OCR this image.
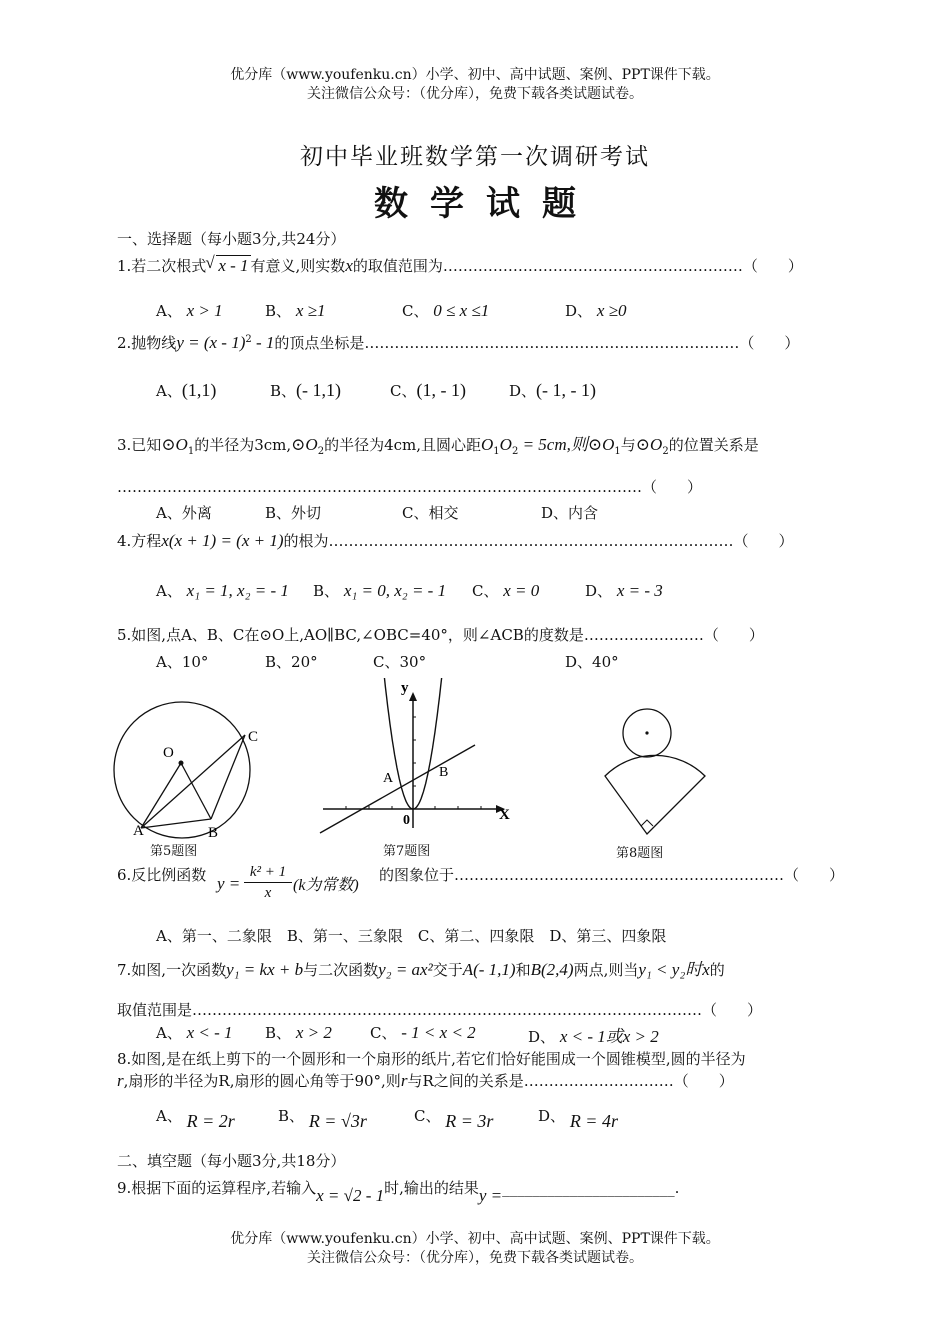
优分库（www.youfenku.cn）小学、初中、高中试题、案例、PPT课件下载。
关注微信公众号：（优分库），免费下载各类试题试卷。
初中毕业班数学第一次调研考试
数学试题
一、选择题（每小题3分,共24分）
1.若二次根式 √ x - 1 有意义,则实数x的取值范围为……………………………………………………（　　）
A、 x > 1	B、 x ≥1	C、 0 ≤ x ≤1	D、 x ≥0
2.抛物线y = (x - 1)$^2$ - 1的顶点坐标是…………………………………………………………………（　　）
A、(1,1)	B、(- 1,1)	C、(1, - 1)	D、(- 1, - 1)
3.已知$⊙O_1$的半径为$3cm,⊙O_2$的半径为4cm,且圆心距$O_1O_2 = 5cm$,则$⊙O_1$与$⊙O_2$的位置关系是
……………………………………………………………………………………………（　　）
A、外离	B、外切	C、相交	D、内含
4.方程x(x + 1) = (x + 1)的根为………………………………………………………………………（　　）
A、 x₁ = 1, x₂ = - 1 B、 x₁ = 0, x₂ = - 1 C、 x = 0	D、 x = - 3
5.如图,点A、B、C在⊙O上,AO∥BC,∠OBC=40°，则∠ACB的度数是……………………（　　）
A、10°	B、20°	C、30°	D、40°
O
A	B
C
第5题图
y
X
0
A	B
第7题图	第8题图
6.反比例函数 $y = \frac{\text{k² + 1}}{x} (k$为常数)
的图象位于…………………………………………………………（　　）
A、第一、二象限　B、第一、三象限　C、第二、四象限　D、第三、四象限
7.如图,一次函数y₁ = kx + b与二次函数y₂ = ax²交于A(- 1,1)和B(2,4)两点,则当y₁ < y₂时x的
取值范围是…………………………………………………………………………………………（　　）
A、 x < - 1 B、 x > 2	C、 - 1 < x < 2	D、 x < - 1或x > 2
8.如图,是在纸上剪下的一个圆形和一个扇形的纸片,若它们恰好能围成一个圆锥模型,圆的半径为
r,扇形的半径为R,扇形的圆心角等于90°,则r与R之间的关系是…………………………（　　）
A、 R = 2r	B、 R = √3r	C、 R = 3r	D、 R = 4r
二、填空题（每小题3分,共18分）
9.根据下面的运算程序,若输入x = √2 - 1时,输出的结果y =_______________________.
优分库（www.youfenku.cn）小学、初中、高中试题、案例、PPT课件下载。
关注微信公众号：（优分库），免费下载各类试题试卷。
